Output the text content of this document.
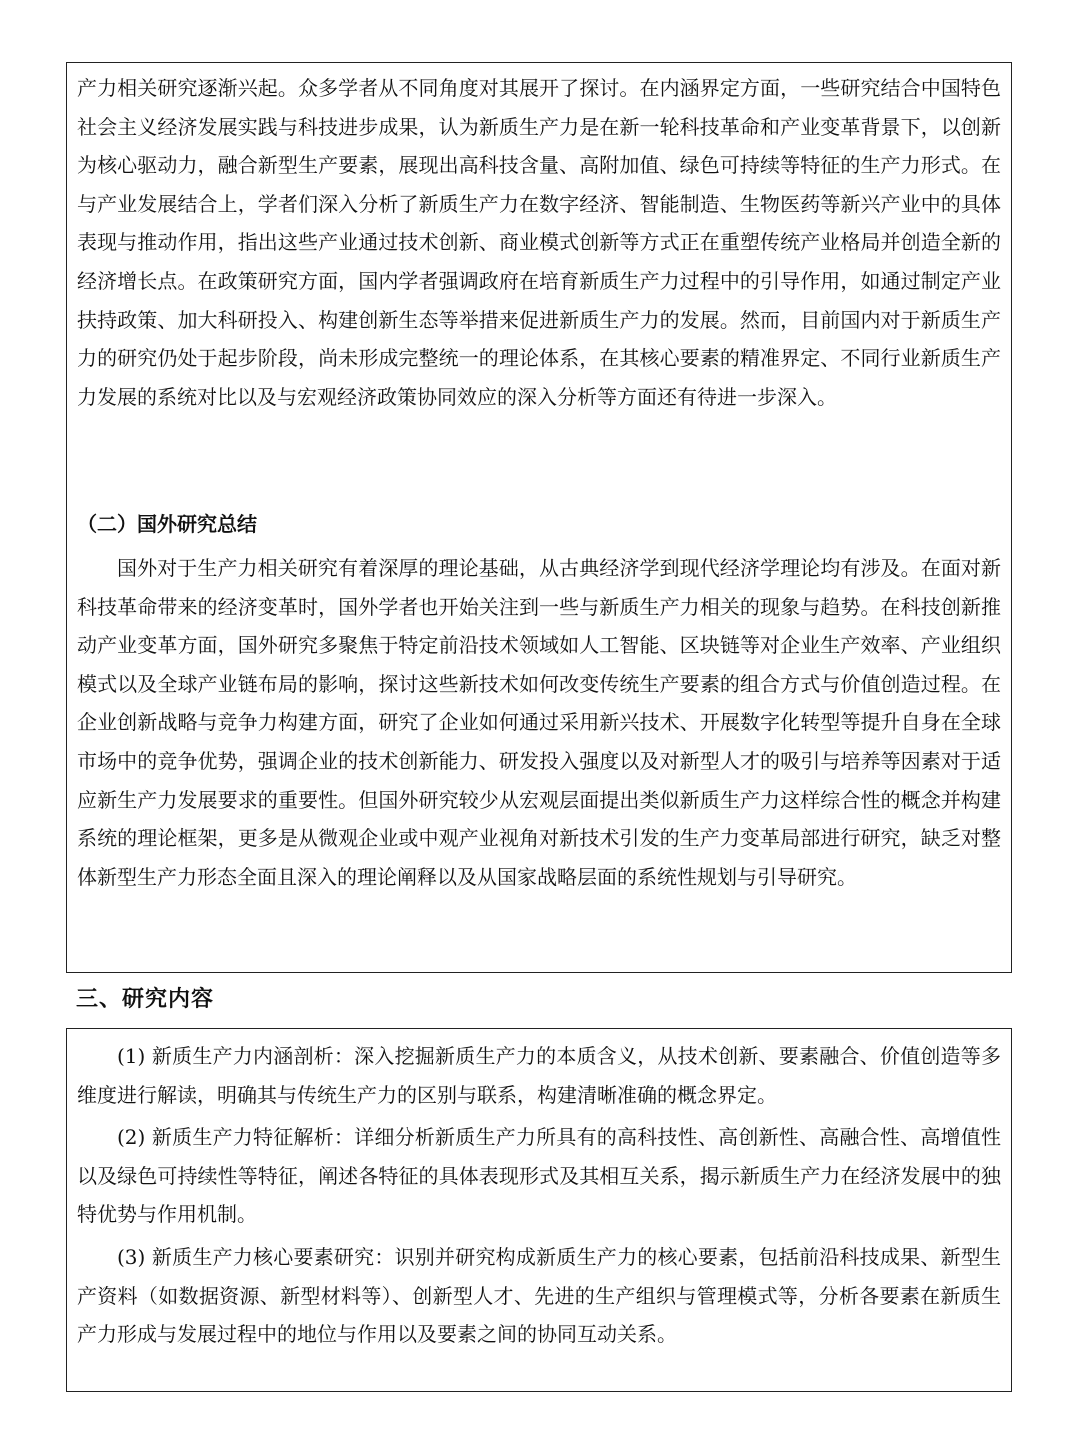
产力相关研究逐渐兴起。众多学者从不同角度对其展开了探讨。在内涵界定方面，一些研究结合中国特色社会主义经济发展实践与科技进步成果，认为新质生产力是在新一轮科技革命和产业变革背景下，以创新为核心驱动力，融合新型生产要素，展现出高科技含量、高附加值、绿色可持续等特征的生产力形式。在与产业发展结合上，学者们深入分析了新质生产力在数字经济、智能制造、生物医药等新兴产业中的具体表现与推动作用，指出这些产业通过技术创新、商业模式创新等方式正在重塑传统产业格局并创造全新的经济增长点。在政策研究方面，国内学者强调政府在培育新质生产力过程中的引导作用，如通过制定产业扶持政策、加大科研投入、构建创新生态等举措来促进新质生产力的发展。然而，目前国内对于新质生产力的研究仍处于起步阶段，尚未形成完整统一的理论体系，在其核心要素的精准界定、不同行业新质生产力发展的系统对比以及与宏观经济政策协同效应的深入分析等方面还有待进一步深入。

（二）国外研究总结

国外对于生产力相关研究有着深厚的理论基础，从古典经济学到现代经济学理论均有涉及。在面对新科技革命带来的经济变革时，国外学者也开始关注到一些与新质生产力相关的现象与趋势。在科技创新推动产业变革方面，国外研究多聚焦于特定前沿技术领域如人工智能、区块链等对企业生产效率、产业组织模式以及全球产业链布局的影响，探讨这些新技术如何改变传统生产要素的组合方式与价值创造过程。在企业创新战略与竞争力构建方面，研究了企业如何通过采用新兴技术、开展数字化转型等提升自身在全球市场中的竞争优势，强调企业的技术创新能力、研发投入强度以及对新型人才的吸引与培养等因素对于适应新生产力发展要求的重要性。但国外研究较少从宏观层面提出类似新质生产力这样综合性的概念并构建系统的理论框架，更多是从微观企业或中观产业视角对新技术引发的生产力变革局部进行研究，缺乏对整体新型生产力形态全面且深入的理论阐释以及从国家战略层面的系统性规划与引导研究。

三、研究内容

(1) 新质生产力内涵剖析：深入挖掘新质生产力的本质含义，从技术创新、要素融合、价值创造等多维度进行解读，明确其与传统生产力的区别与联系，构建清晰准确的概念界定。

(2) 新质生产力特征解析：详细分析新质生产力所具有的高科技性、高创新性、高融合性、高增值性以及绿色可持续性等特征，阐述各特征的具体表现形式及其相互关系，揭示新质生产力在经济发展中的独特优势与作用机制。

(3) 新质生产力核心要素研究：识别并研究构成新质生产力的核心要素，包括前沿科技成果、新型生产资料（如数据资源、新型材料等）、创新型人才、先进的生产组织与管理模式等，分析各要素在新质生产力形成与发展过程中的地位与作用以及要素之间的协同互动关系。
